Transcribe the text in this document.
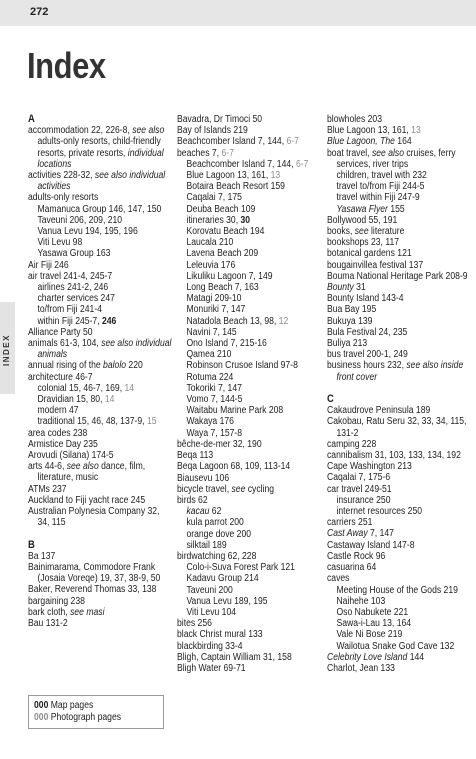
272
Index
INDEX
A
accommodation 22, 226-8, see also
adults-only resorts, child-friendly
resorts, private resorts, individual
locations
activities 228-32, see also individual
activities
adults-only resorts
Mamanuca Group 146, 147, 150
Taveuni 206, 209, 210
Vanua Levu 194, 195, 196
Viti Levu 98
Yasawa Group 163
Air Fiji 246
air travel 241-4, 245-7
airlines 241-2, 246
charter services 247
to/from Fiji 241-4
within Fiji 245-7, 246
Alliance Party 50
animals 61-3, 104, see also individual
animals
annual rising of the balolo 220
architecture 46-7
colonial 15, 46-7, 169, 14
Dravidian 15, 80, 14
modern 47
traditional 15, 46, 48, 137-9, 15
area codes 238
Armistice Day 235
Arovudi (Silana) 174-5
arts 44-6, see also dance, film,
literature, music
ATMs 237
Auckland to Fiji yacht race 245
Australian Polynesia Company 32,
34, 115
B
Ba 137
Bainimarama, Commodore Frank
(Josaia Voreqe) 19, 37, 38-9, 50
Baker, Reverend Thomas 33, 138
bargaining 238
bark cloth, see masi
Bau 131-2
Bavadra, Dr Timoci 50
Bay of Islands 219
Beachcomber Island 7, 144, 6-7
beaches 7, 6-7
Beachcomber Island 7, 144, 6-7
Blue Lagoon 13, 161, 13
Botaira Beach Resort 159
Caqalai 7, 175
Deuba Beach 109
itineraries 30, 30
Korovatu Beach 194
Laucala 210
Lavena Beach 209
Leleuvia 176
Likuliku Lagoon 7, 149
Long Beach 7, 163
Matagi 209-10
Monuriki 7, 147
Natadola Beach 13, 98, 12
Navini 7, 145
Ono Island 7, 215-16
Qamea 210
Robinson Crusoe Island 97-8
Rotuma 224
Tokoriki 7, 147
Vomo 7, 144-5
Waitabu Marine Park 208
Wakaya 176
Waya 7, 157-8
bêche-de-mer 32, 190
Beqa 113
Beqa Lagoon 68, 109, 113-14
Biausevu 106
bicycle travel, see cycling
birds 62
kacau 62
kula parrot 200
orange dove 200
silktail 189
birdwatching 62, 228
Colo-i-Suva Forest Park 121
Kadavu Group 214
Taveuni 200
Vanua Levu 189, 195
Viti Levu 104
bites 256
black Christ mural 133
blackbirding 33-4
Bligh, Captain William 31, 158
Bligh Water 69-71
blowholes 203
Blue Lagoon 13, 161, 13
Blue Lagoon, The 164
boat travel, see also cruises, ferry
services, river trips
children, travel with 232
travel to/from Fiji 244-5
travel within Fiji 247-9
Yasawa Flyer 155
Bollywood 55, 191
books, see literature
bookshops 23, 117
botanical gardens 121
bougainvillea festival 137
Bouma National Heritage Park 208-9
Bounty 31
Bounty Island 143-4
Bua Bay 195
Bukuya 139
Bula Festival 24, 235
Buliya 213
bus travel 200-1, 249
business hours 232, see also inside
front cover
C
Cakaudrove Peninsula 189
Cakobau, Ratu Seru 32, 33, 34, 115,
131-2
camping 228
cannibalism 31, 103, 133, 134, 192
Cape Washington 213
Caqalai 7, 175-6
car travel 249-51
insurance 250
internet resources 250
carriers 251
Cast Away 7, 147
Castaway Island 147-8
Castle Rock 96
casuarina 64
caves
Meeting House of the Gods 219
Naihehe 103
Oso Nabukete 221
Sawa-i-Lau 13, 164
Vale Ni Bose 219
Wailotua Snake God Cave 132
Celebrity Love Island 144
Charlot, Jean 133
000 Map pages
000 Photograph pages
